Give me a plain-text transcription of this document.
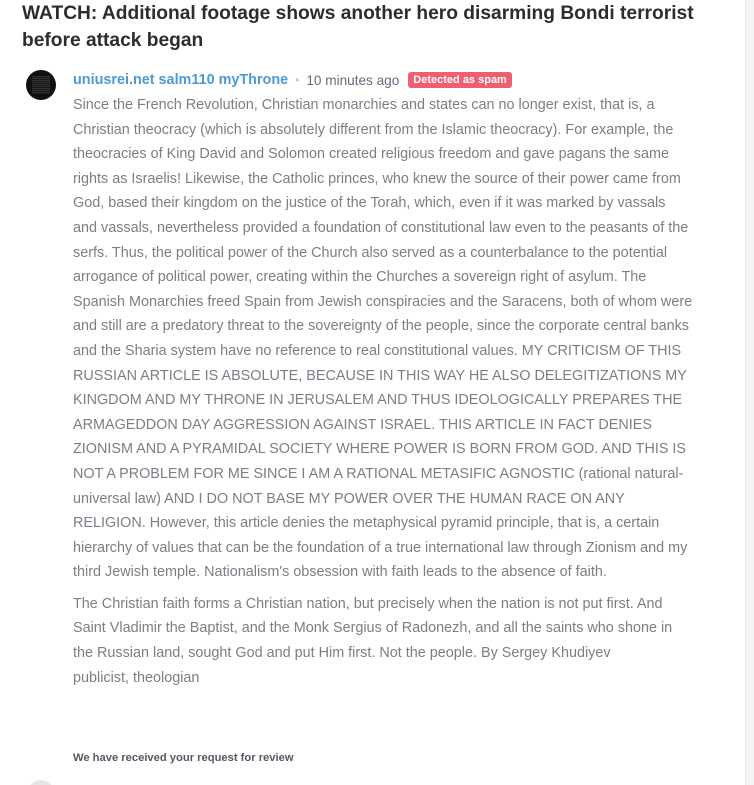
WATCH: Additional footage shows another hero disarming Bondi terrorist before attack began
uniusrei.net salm110 myThrone • 10 minutes ago	Detected as spam

Since the French Revolution, Christian monarchies and states can no longer exist, that is, a Christian theocracy (which is absolutely different from the Islamic theocracy). For example, the theocracies of King David and Solomon created religious freedom and gave pagans the same rights as Israelis! Likewise, the Catholic princes, who knew the source of their power came from God, based their kingdom on the justice of the Torah, which, even if it was marked by vassals and vassals, nevertheless provided a foundation of constitutional law even to the peasants of the serfs. Thus, the political power of the Church also served as a counterbalance to the potential arrogance of political power, creating within the Churches a sovereign right of asylum. The Spanish Monarchies freed Spain from Jewish conspiracies and the Saracens, both of whom were and still are a predatory threat to the sovereignty of the people, since the corporate central banks and the Sharia system have no reference to real constitutional values. MY CRITICISM OF THIS RUSSIAN ARTICLE IS ABSOLUTE, BECAUSE IN THIS WAY HE ALSO DELEGITIZATIONS MY KINGDOM AND MY THRONE IN JERUSALEM AND THUS IDEOLOGICALLY PREPARES THE ARMAGEDDON DAY AGGRESSION AGAINST ISRAEL. THIS ARTICLE IN FACT DENIES ZIONISM AND A PYRAMIDAL SOCIETY WHERE POWER IS BORN FROM GOD. AND THIS IS NOT A PROBLEM FOR ME SINCE I AM A RATIONAL METASIFIC AGNOSTIC (rational natural-universal law) AND I DO NOT BASE MY POWER OVER THE HUMAN RACE ON ANY RELIGION. However, this article denies the metaphysical pyramid principle, that is, a certain hierarchy of values that can be the foundation of a true international law through Zionism and my third Jewish temple. Nationalism's obsession with faith leads to the absence of faith.

The Christian faith forms a Christian nation, but precisely when the nation is not put first. And Saint Vladimir the Baptist, and the Monk Sergius of Radonezh, and all the saints who shone in the Russian land, sought God and put Him first. Not the people. By Sergey Khudiyev

publicist, theologian

We have received your request for review
